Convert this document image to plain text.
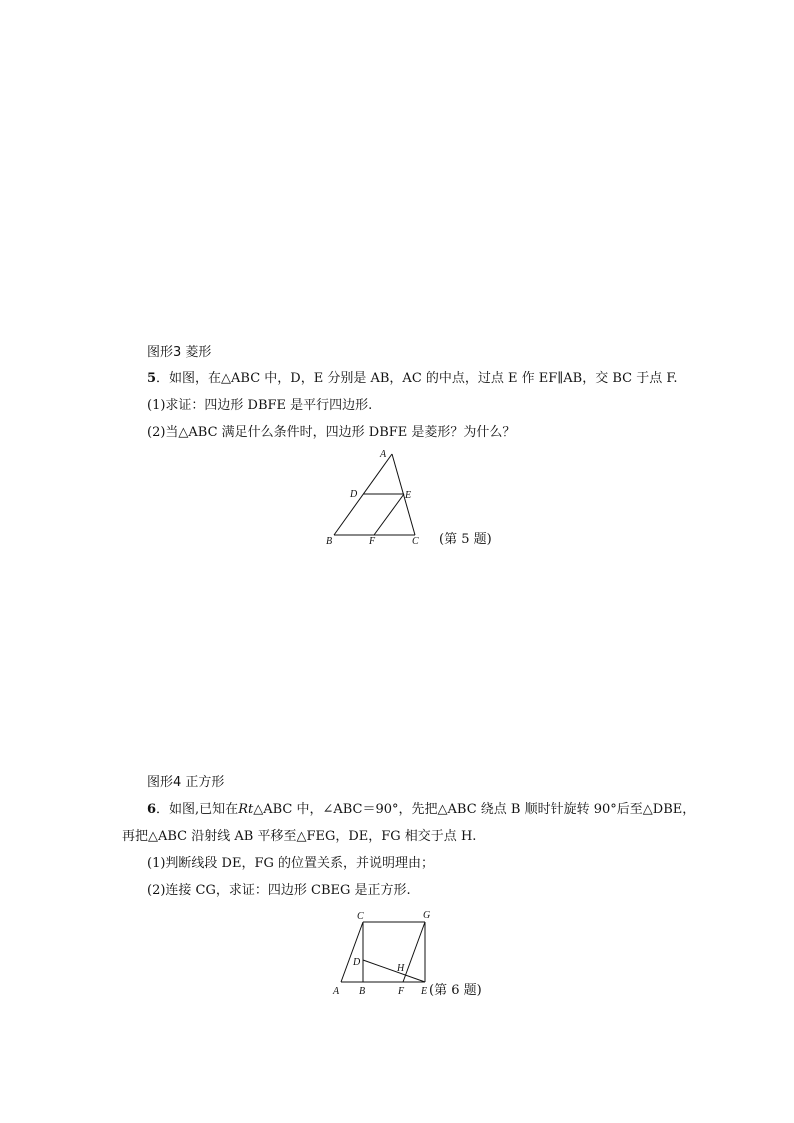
图形3 菱形
5．如图，在△ABC 中，D，E 分别是 AB，AC 的中点，过点 E 作 EF∥AB，交 BC 于点 F.
(1)求证：四边形 DBFE 是平行四边形.
(2)当△ABC 满足什么条件时，四边形 DBFE 是菱形？为什么？
A
B	C
D	E
F	(第 5 题)
图形4 正方形
6．如图,已知在Rt△ABC 中，∠ABC＝90°，先把△ABC 绕点 B 顺时针旋转 90°后至△DBE，
再把△ABC 沿射线 AB 平移至△FEG，DE，FG 相交于点 H.
(1)判断线段 DE，FG 的位置关系，并说明理由；
(2)连接 CG，求证：四边形 CBEG 是正方形.
C	G
D
H
A B	F E (第 6 题)
